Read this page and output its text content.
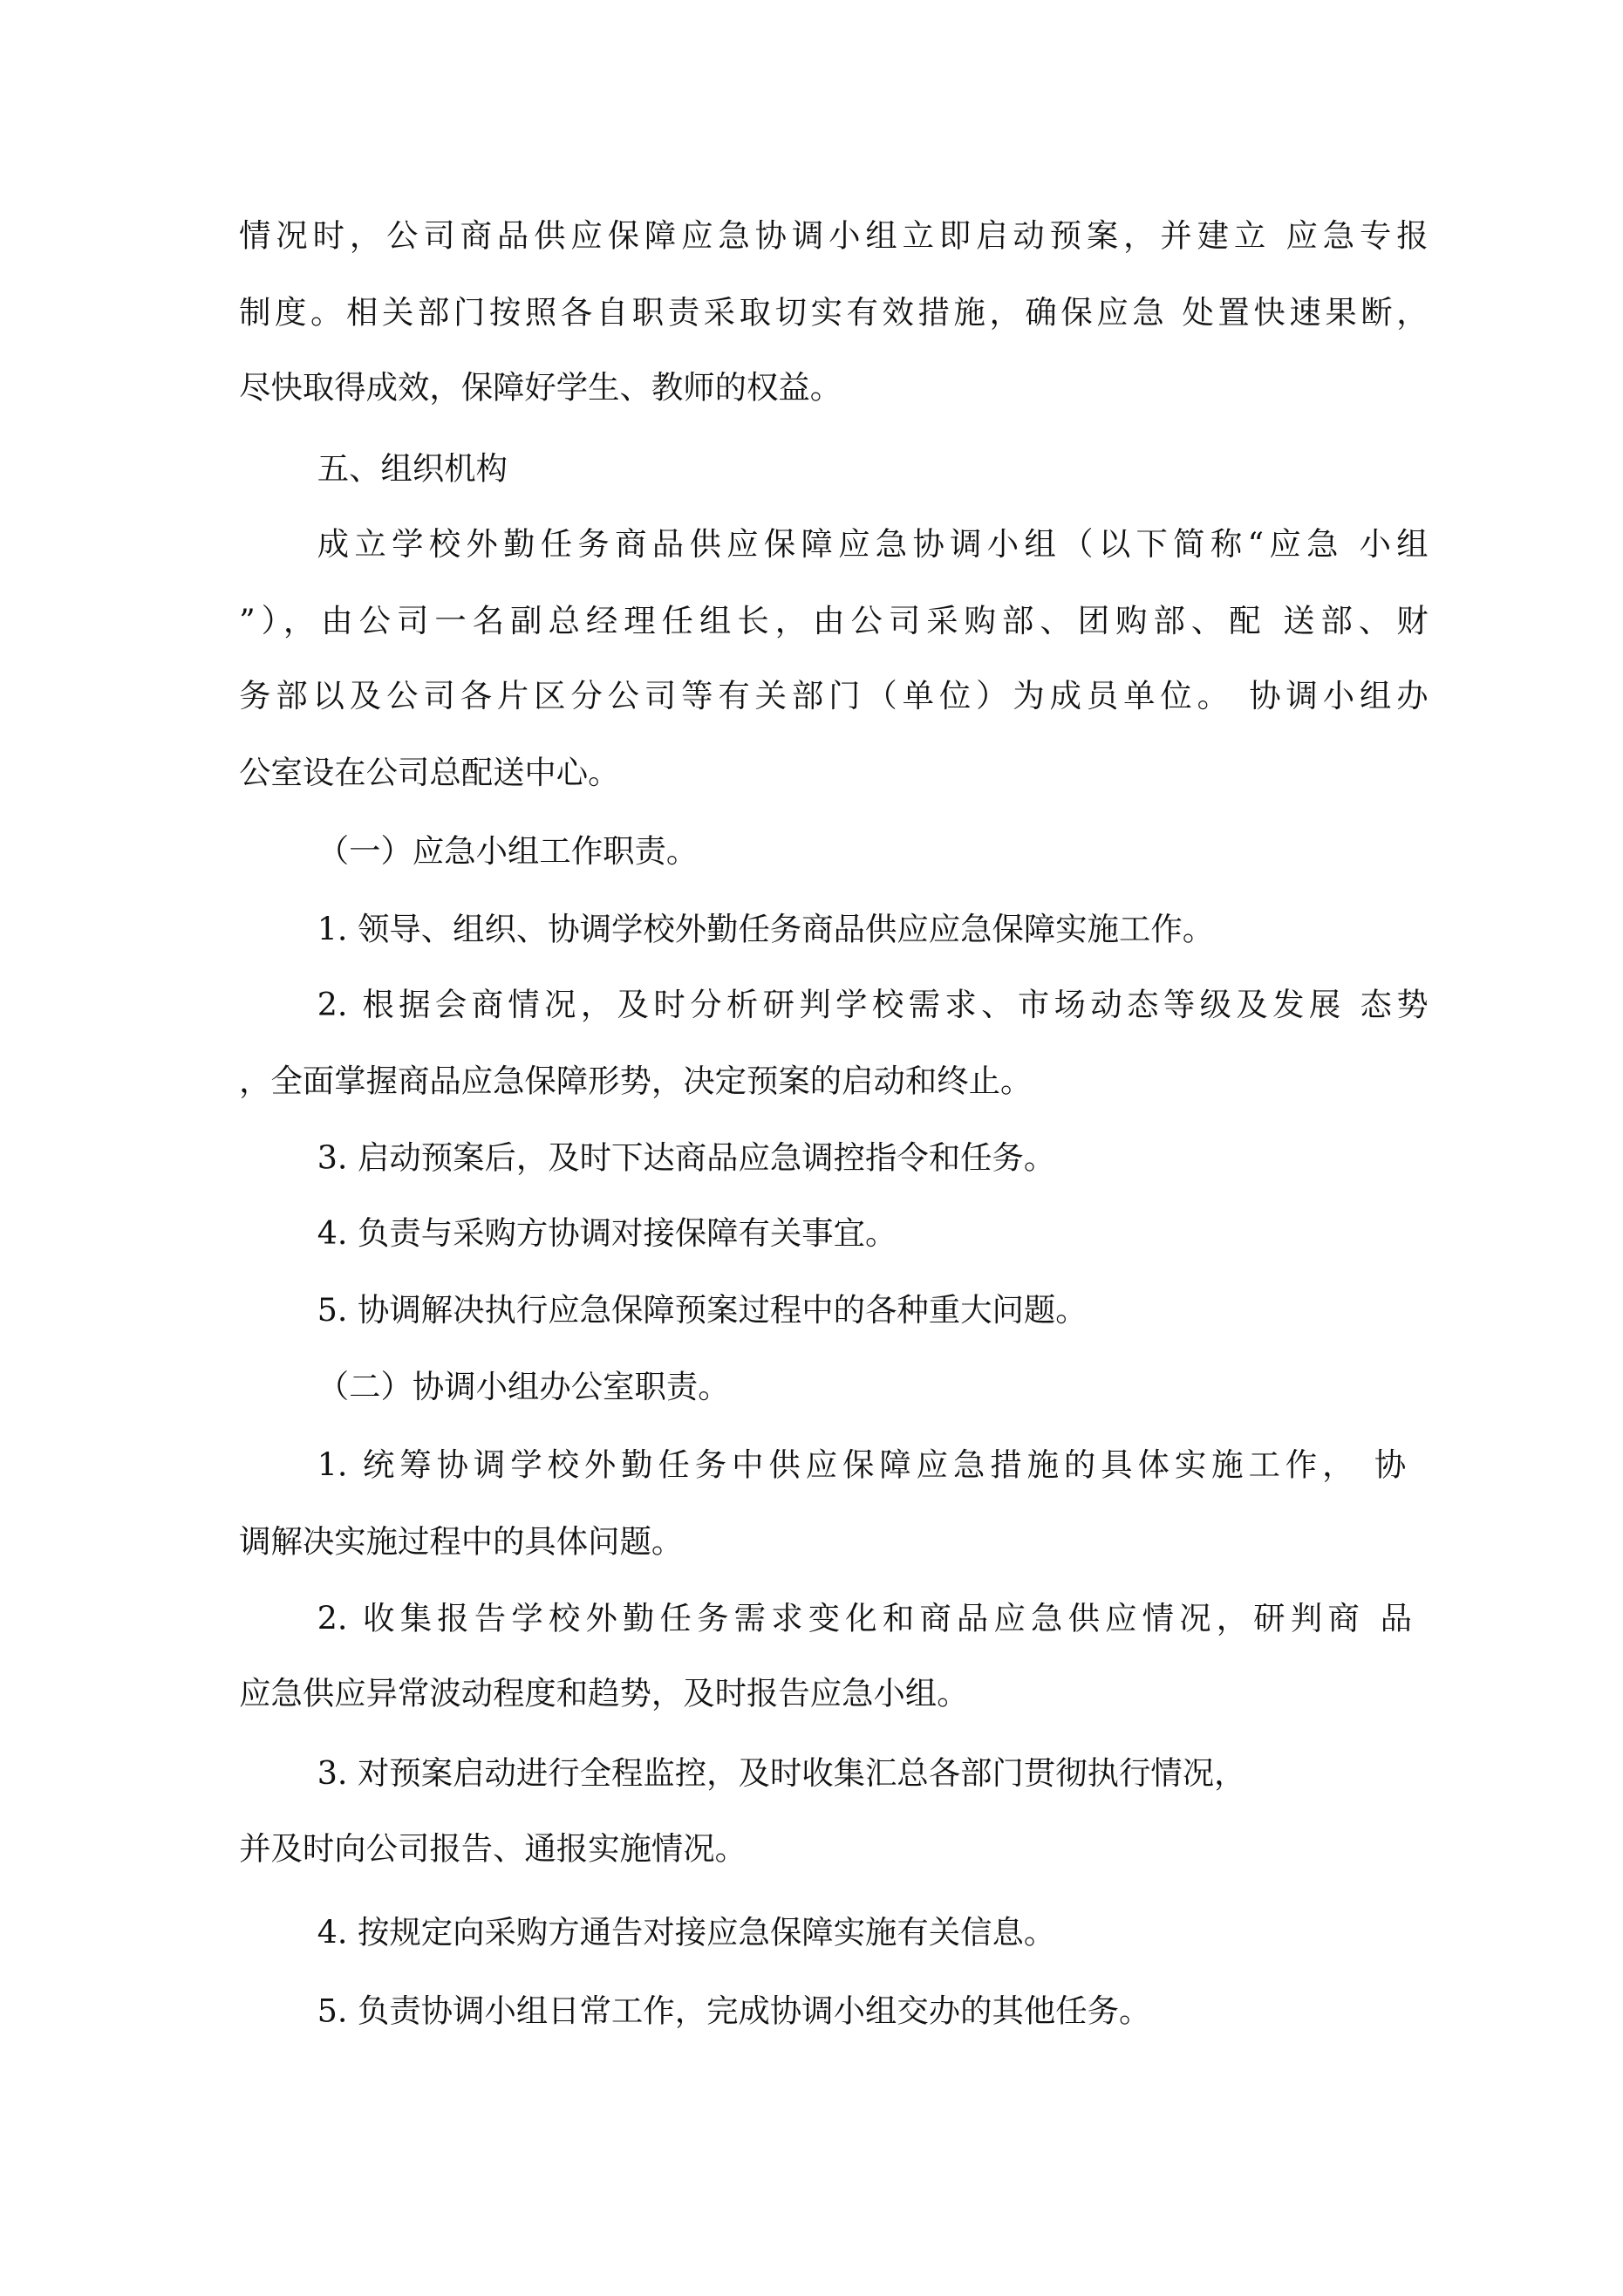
情况时，公司商品供应保障应急协调小组立即启动预案，并建立 应急专报
制度。相关部门按照各自职责采取切实有效措施，确保应急 处置快速果断，
尽快取得成效，保障好学生、教师的权益。
五、组织机构
成立学校外勤任务商品供应保障应急协调小组（以下简称“应急 小组
”），由公司一名副总经理任组长，由公司采购部、团购部、配 送部、财
务部以及公司各片区分公司等有关部门（单位）为成员单位。 协调小组办
公室设在公司总配送中心。
（一）应急小组工作职责。
1. 领导、组织、协调学校外勤任务商品供应应急保障实施工作。
2. 根据会商情况，及时分析研判学校需求、市场动态等级及发展 态势
，全面掌握商品应急保障形势，决定预案的启动和终止。
3. 启动预案后，及时下达商品应急调控指令和任务。
4. 负责与采购方协调对接保障有关事宜。
5. 协调解决执行应急保障预案过程中的各种重大问题。
（二）协调小组办公室职责。
1. 统筹协调学校外勤任务中供应保障应急措施的具体实施工作， 协
调解决实施过程中的具体问题。
2. 收集报告学校外勤任务需求变化和商品应急供应情况，研判商 品
应急供应异常波动程度和趋势，及时报告应急小组。
3. 对预案启动进行全程监控，及时收集汇总各部门贯彻执行情况，
并及时向公司报告、通报实施情况。
4. 按规定向采购方通告对接应急保障实施有关信息。
5. 负责协调小组日常工作，完成协调小组交办的其他任务。
